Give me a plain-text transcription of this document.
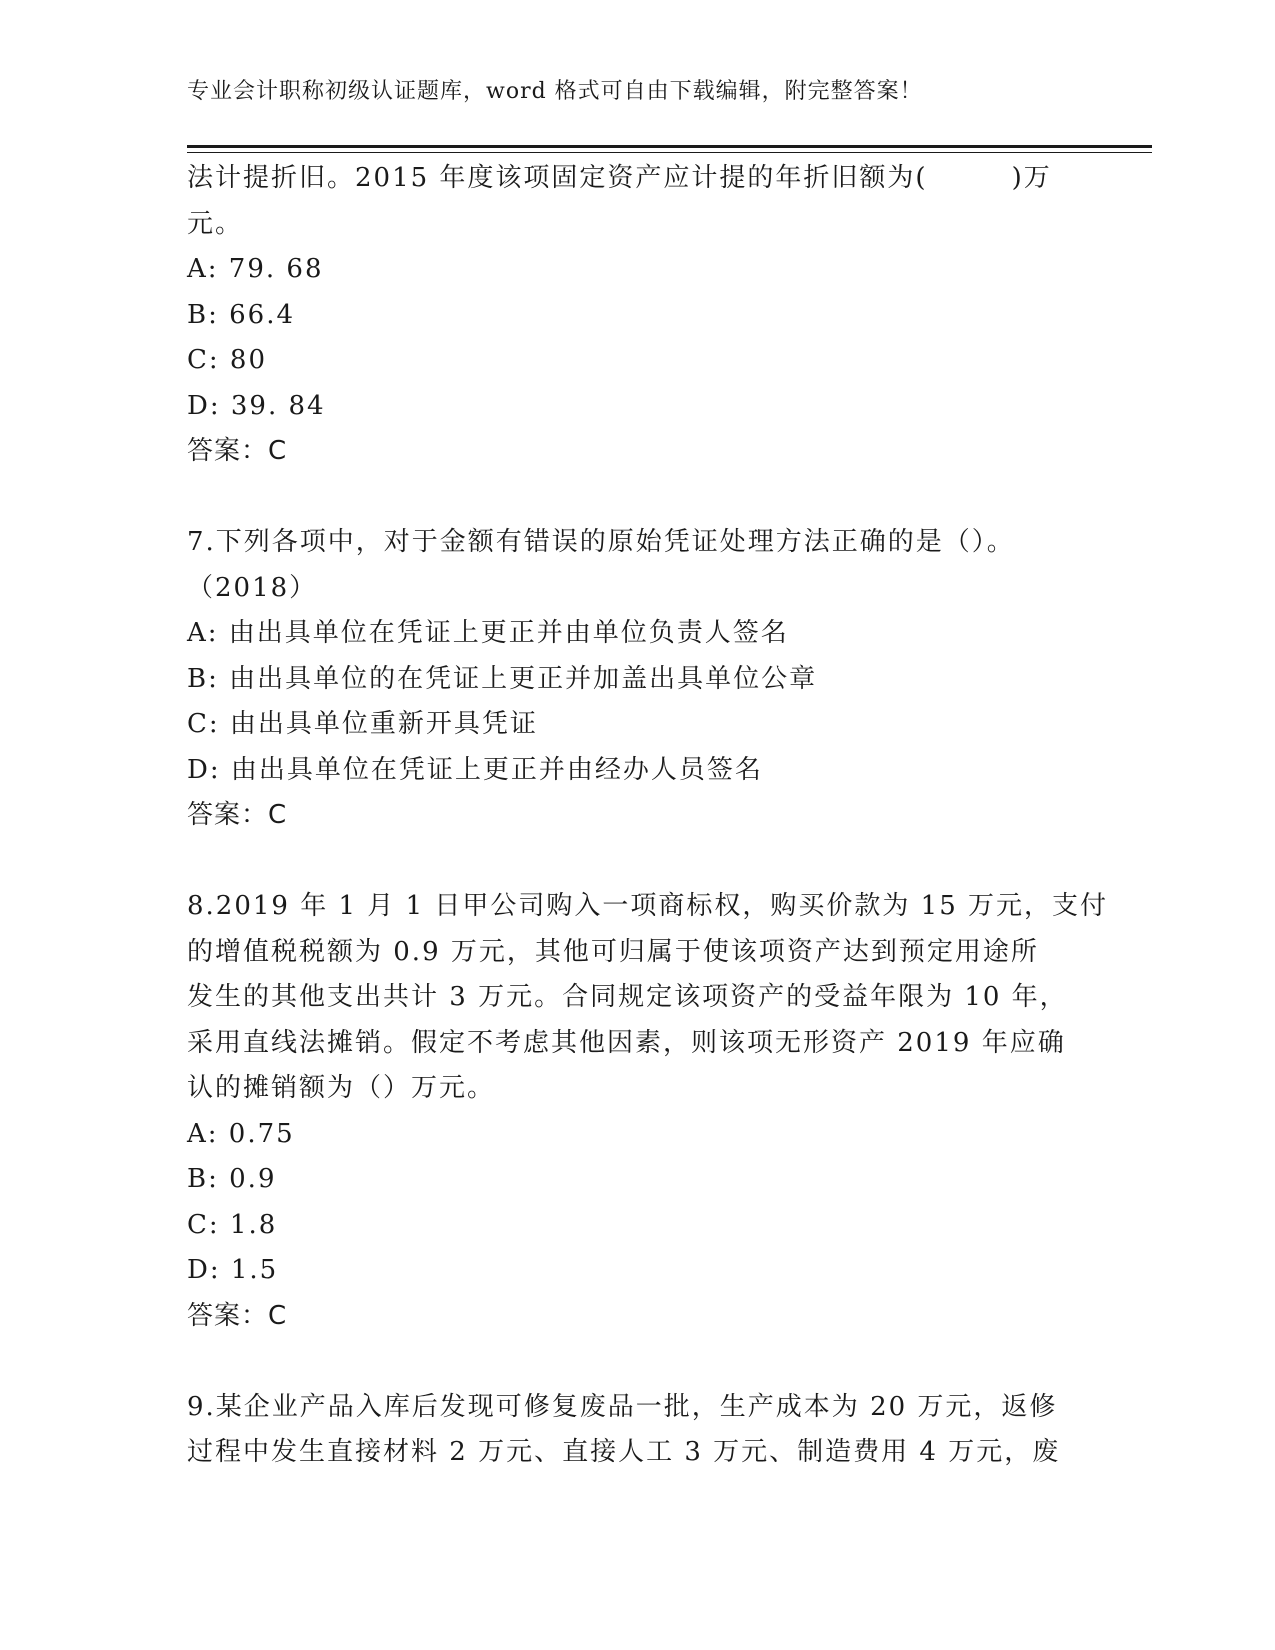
专业会计职称初级认证题库，word 格式可自由下载编辑，附完整答案！
法计提折旧。2015 年度该项固定资产应计提的年折旧额为(　　　)万
元。
A: 79. 68
B: 66.4
C: 80
D: 39. 84
答案：C
7.下列各项中，对于金额有错误的原始凭证处理方法正确的是（）。
（2018）
A: 由出具单位在凭证上更正并由单位负责人签名
B: 由出具单位的在凭证上更正并加盖出具单位公章
C: 由出具单位重新开具凭证
D: 由出具单位在凭证上更正并由经办人员签名
答案：C
8.2019 年 1 月 1 日甲公司购入一项商标权，购买价款为 15 万元，支付
的增值税税额为 0.9 万元，其他可归属于使该项资产达到预定用途所
发生的其他支出共计 3 万元。合同规定该项资产的受益年限为 10 年，
采用直线法摊销。假定不考虑其他因素，则该项无形资产 2019 年应确
认的摊销额为（）万元。
A: 0.75
B: 0.9
C: 1.8
D: 1.5
答案：C
9.某企业产品入库后发现可修复废品一批，生产成本为 20 万元，返修
过程中发生直接材料 2 万元、直接人工 3 万元、制造费用 4 万元，废
